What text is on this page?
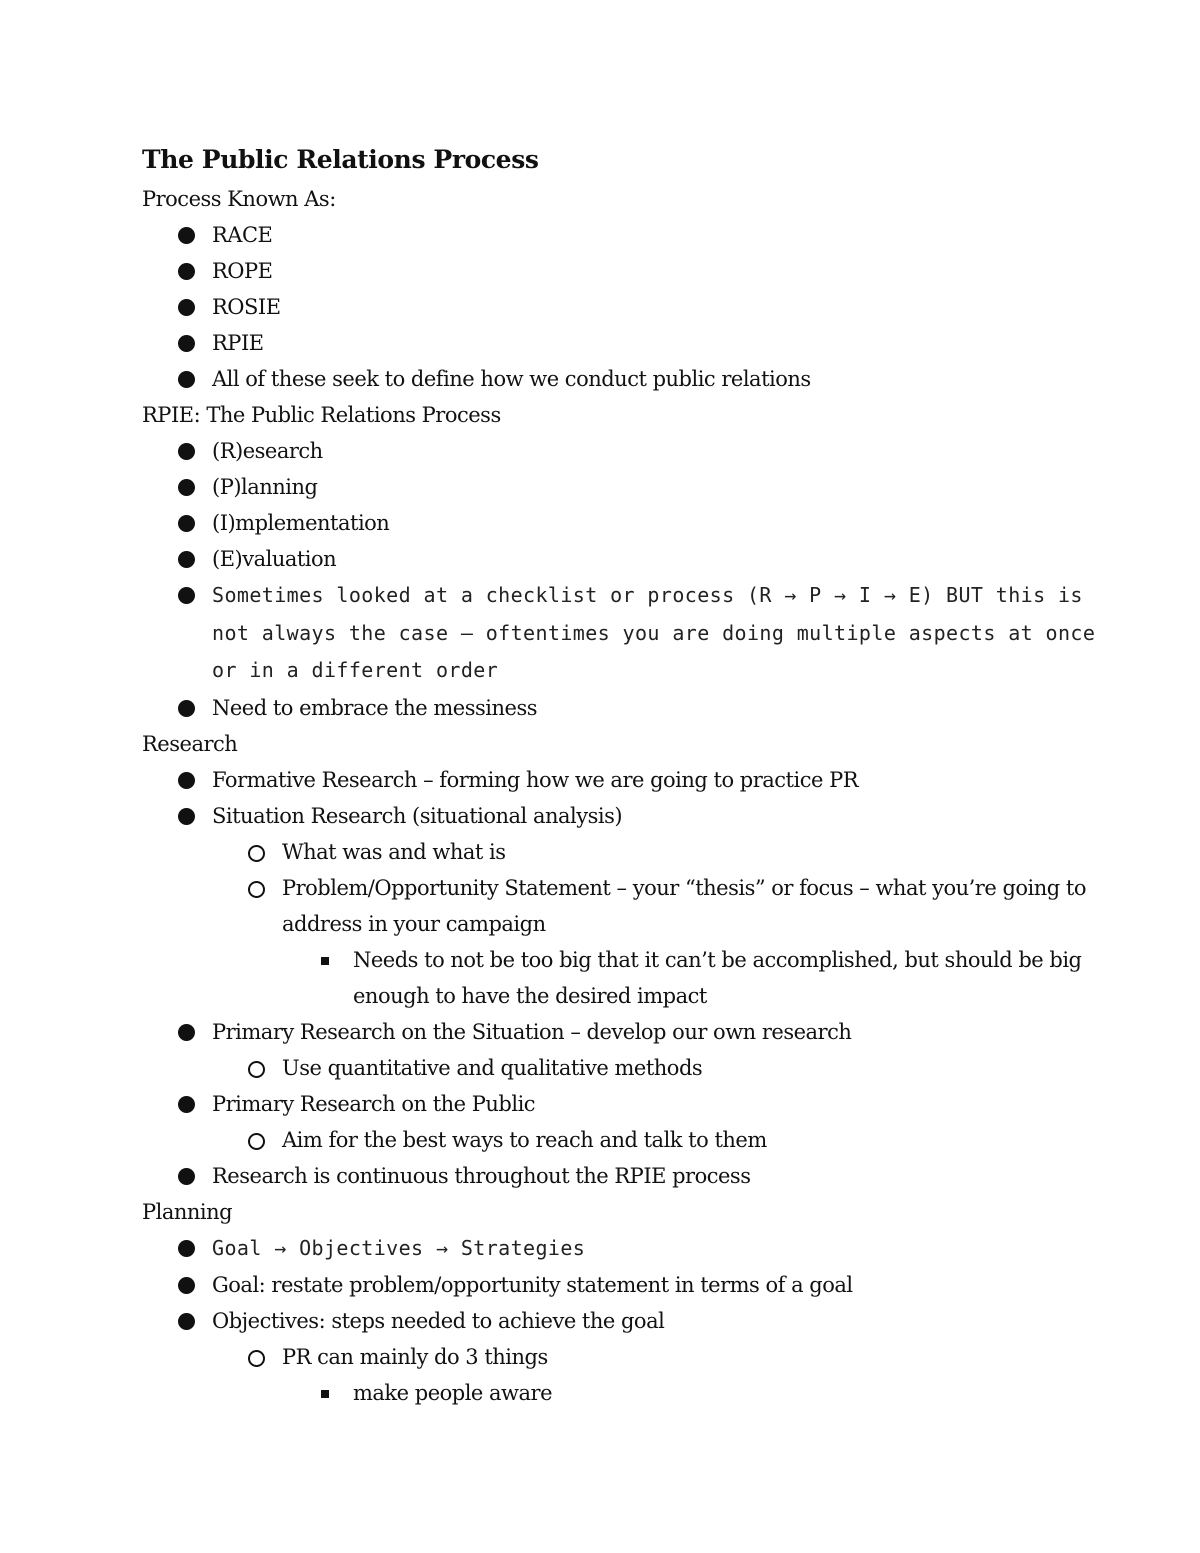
The Public Relations Process
Process Known As:
RACE
ROPE
ROSIE
RPIE
All of these seek to define how we conduct public relations
RPIE: The Public Relations Process
(R)esearch
(P)lanning
(I)mplementation
(E)valuation
Sometimes looked at a checklist or process (R → P → I → E) BUT this is not always the case – oftentimes you are doing multiple aspects at once or in a different order
Need to embrace the messiness
Research
Formative Research – forming how we are going to practice PR
Situation Research (situational analysis)
What was and what is
Problem/Opportunity Statement – your “thesis” or focus – what you’re going to address in your campaign
Needs to not be too big that it can’t be accomplished, but should be big enough to have the desired impact
Primary Research on the Situation – develop our own research
Use quantitative and qualitative methods
Primary Research on the Public
Aim for the best ways to reach and talk to them
Research is continuous throughout the RPIE process
Planning
Goal → Objectives → Strategies
Goal: restate problem/opportunity statement in terms of a goal
Objectives: steps needed to achieve the goal
PR can mainly do 3 things
make people aware
